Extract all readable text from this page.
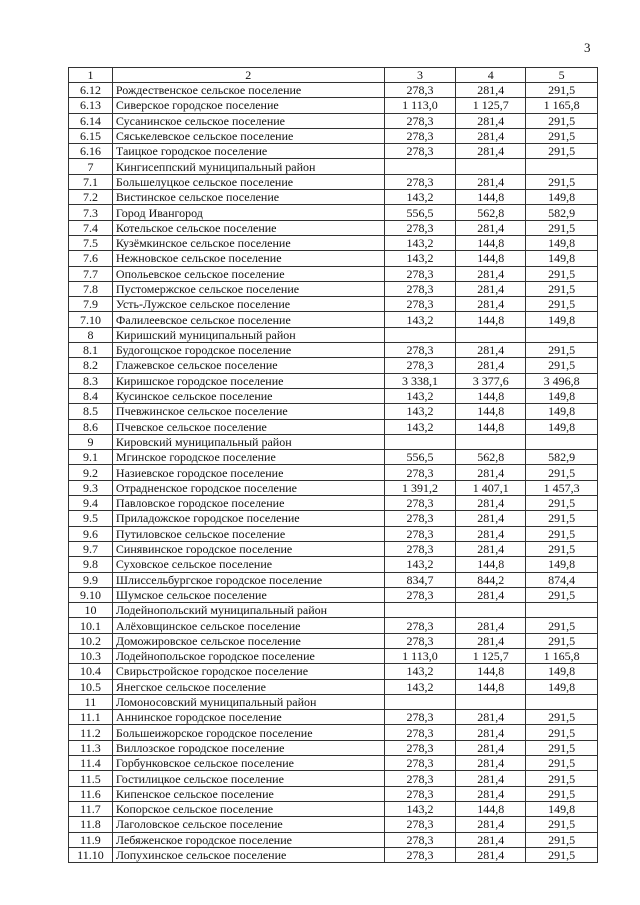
3
1	2	3	4	5
6.12	Рождественское сельское поселение	278,3	281,4	291,5
6.13	Сиверское городское поселение	1 113,0	1 125,7	1 165,8
6.14	Сусанинское сельское поселение	278,3	281,4	291,5
6.15	Сяськелевское сельское поселение	278,3	281,4	291,5
6.16	Таицкое городское поселение	278,3	281,4	291,5
7	Кингисеппский муниципальный район			
7.1	Большелуцкое сельское поселение	278,3	281,4	291,5
7.2	Вистинское сельское поселение	143,2	144,8	149,8
7.3	Город Ивангород	556,5	562,8	582,9
7.4	Котельское сельское поселение	278,3	281,4	291,5
7.5	Кузёмкинское сельское поселение	143,2	144,8	149,8
7.6	Нежновское сельское поселение	143,2	144,8	149,8
7.7	Опольевское сельское поселение	278,3	281,4	291,5
7.8	Пустомержское сельское поселение	278,3	281,4	291,5
7.9	Усть-Лужское сельское поселение	278,3	281,4	291,5
7.10	Фалилеевское сельское поселение	143,2	144,8	149,8
8	Киришский муниципальный район			
8.1	Будогощское городское поселение	278,3	281,4	291,5
8.2	Глажевское сельское поселение	278,3	281,4	291,5
8.3	Киришское городское поселение	3 338,1	3 377,6	3 496,8
8.4	Кусинское сельское поселение	143,2	144,8	149,8
8.5	Пчевжинское сельское поселение	143,2	144,8	149,8
8.6	Пчевское сельское поселение	143,2	144,8	149,8
9	Кировский муниципальный район			
9.1	Мгинское городское поселение	556,5	562,8	582,9
9.2	Назиевское городское поселение	278,3	281,4	291,5
9.3	Отрадненское городское поселение	1 391,2	1 407,1	1 457,3
9.4	Павловское городское поселение	278,3	281,4	291,5
9.5	Приладожское городское поселение	278,3	281,4	291,5
9.6	Путиловское сельское поселение	278,3	281,4	291,5
9.7	Синявинское городское поселение	278,3	281,4	291,5
9.8	Суховское сельское поселение	143,2	144,8	149,8
9.9	Шлиссельбургское городское поселение	834,7	844,2	874,4
9.10	Шумское сельское поселение	278,3	281,4	291,5
10	Лодейнопольский муниципальный район			
10.1	Алёховщинское сельское поселение	278,3	281,4	291,5
10.2	Доможировское сельское поселение	278,3	281,4	291,5
10.3	Лодейнопольское городское поселение	1 113,0	1 125,7	1 165,8
10.4	Свирьстройское городское поселение	143,2	144,8	149,8
10.5	Янегское сельское поселение	143,2	144,8	149,8
11	Ломоносовский муниципальный район			
11.1	Аннинское городское поселение	278,3	281,4	291,5
11.2	Большеижорское городское поселение	278,3	281,4	291,5
11.3	Виллозское городское поселение	278,3	281,4	291,5
11.4	Горбунковское сельское поселение	278,3	281,4	291,5
11.5	Гостилицкое сельское поселение	278,3	281,4	291,5
11.6	Кипенское сельское поселение	278,3	281,4	291,5
11.7	Копорское сельское поселение	143,2	144,8	149,8
11.8	Лаголовское сельское поселение	278,3	281,4	291,5
11.9	Лебяженское городское поселение	278,3	281,4	291,5
11.10	Лопухинское сельское поселение	278,3	281,4	291,5
